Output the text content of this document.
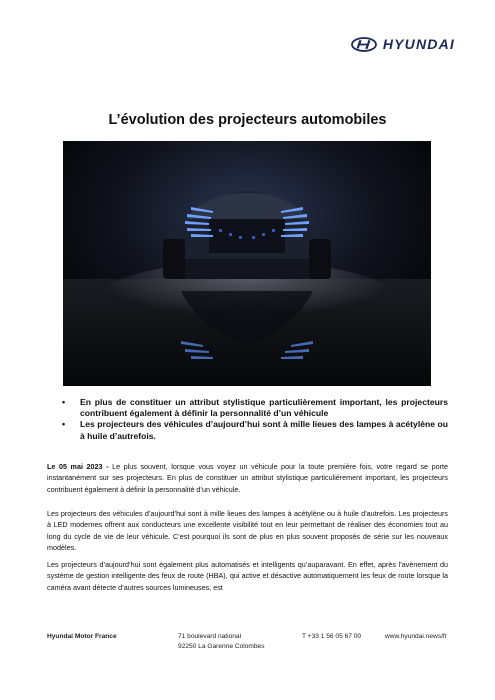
HYUNDAI
L’évolution des projecteurs automobiles
• En plus de constituer un attribut stylistique particulièrement important, les projecteurs contribuent également à définir la personnalité d’un véhicule
• Les projecteurs des véhicules d’aujourd’hui sont à mille lieues des lampes à acétylène ou à huile d’autrefois.

Le 05 mai 2023 - Le plus souvent, lorsque vous voyez un véhicule pour la toute première fois, votre regard se porte instantanément sur ses projecteurs. En plus de constituer un attribut stylistique particulièrement important, les projecteurs contribuent également à définir la personnalité d’un véhicule.

Les projecteurs des véhicules d’aujourd’hui sont à mille lieues des lampes à acétylène ou à huile d’autrefois. Les projecteurs à LED modernes offrent aux conducteurs une excellente visibilité tout en leur permettant de réaliser des économies tout au long du cycle de vie de leur véhicule. C’est pourquoi ils sont de plus en plus souvent proposés de série sur les nouveaux modèles.

Les projecteurs d’aujourd’hui sont également plus automatisés et intelligents qu’auparavant. En effet, après l’avènement du système de gestion intelligente des feux de route (HBA), qui active et désactive automatiquement les feux de route lorsque la caméra avant détecte d’autres sources lumineuses, est

Hyundai Motor France	71 boulevard national
92250 La Garenne Colombes
T +33 1 56 05 67 00	www.hyundai.news/fr
